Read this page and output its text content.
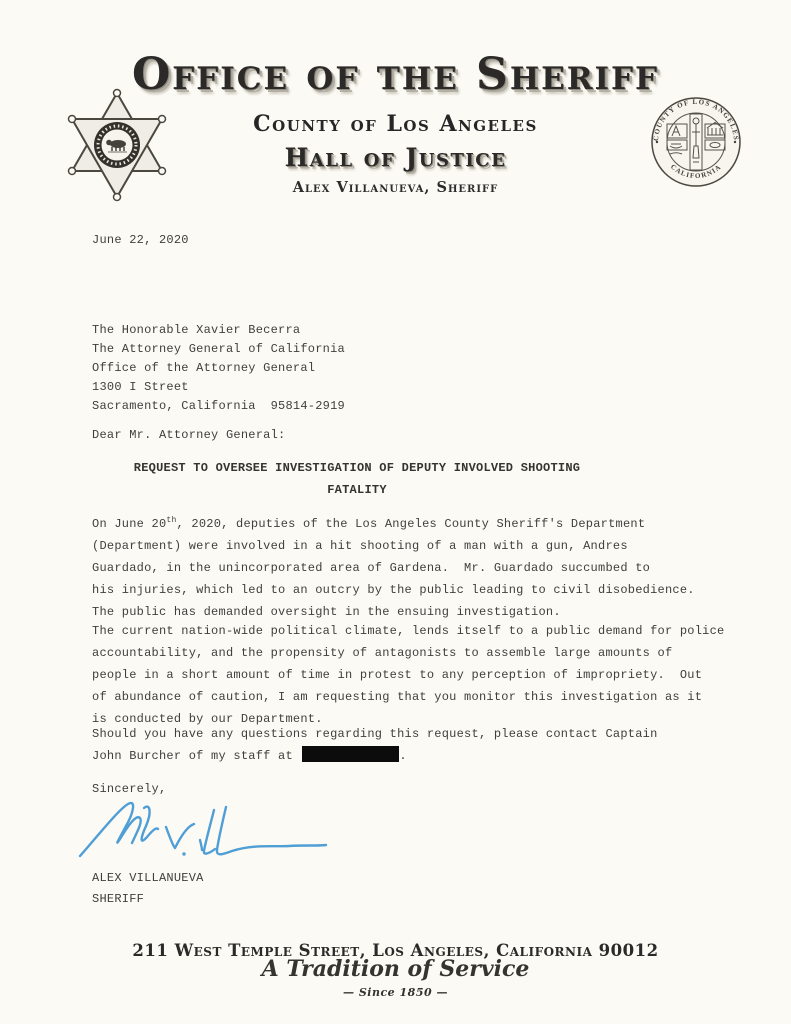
Office of the Sheriff
County of Los Angeles
Hall of Justice
Alex Villanueva, Sheriff
COUNTY OF LOS ANGELES
CALIFORNIA
June 22, 2020
The Honorable Xavier Becerra
The Attorney General of California
Office of the Attorney General
1300 I Street
Sacramento, California  95814-2919
Dear Mr. Attorney General:
REQUEST TO OVERSEE INVESTIGATION OF DEPUTY INVOLVED SHOOTING
FATALITY
On June 20th, 2020, deputies of the Los Angeles County Sheriff's Department
(Department) were involved in a hit shooting of a man with a gun, Andres
Guardado, in the unincorporated area of Gardena.  Mr. Guardado succumbed to
his injuries, which led to an outcry by the public leading to civil disobedience.
The public has demanded oversight in the ensuing investigation.
The current nation-wide political climate, lends itself to a public demand for police
accountability, and the propensity of antagonists to assemble large amounts of
people in a short amount of time in protest to any perception of impropriety.  Out
of abundance of caution, I am requesting that you monitor this investigation as it
is conducted by our Department.
Should you have any questions regarding this request, please contact Captain
John Burcher of my staff at	.
Sincerely,
ALEX VILLANUEVA
SHERIFF
211 West Temple Street, Los Angeles, California 90012
A Tradition of Service
— Since 1850 —
